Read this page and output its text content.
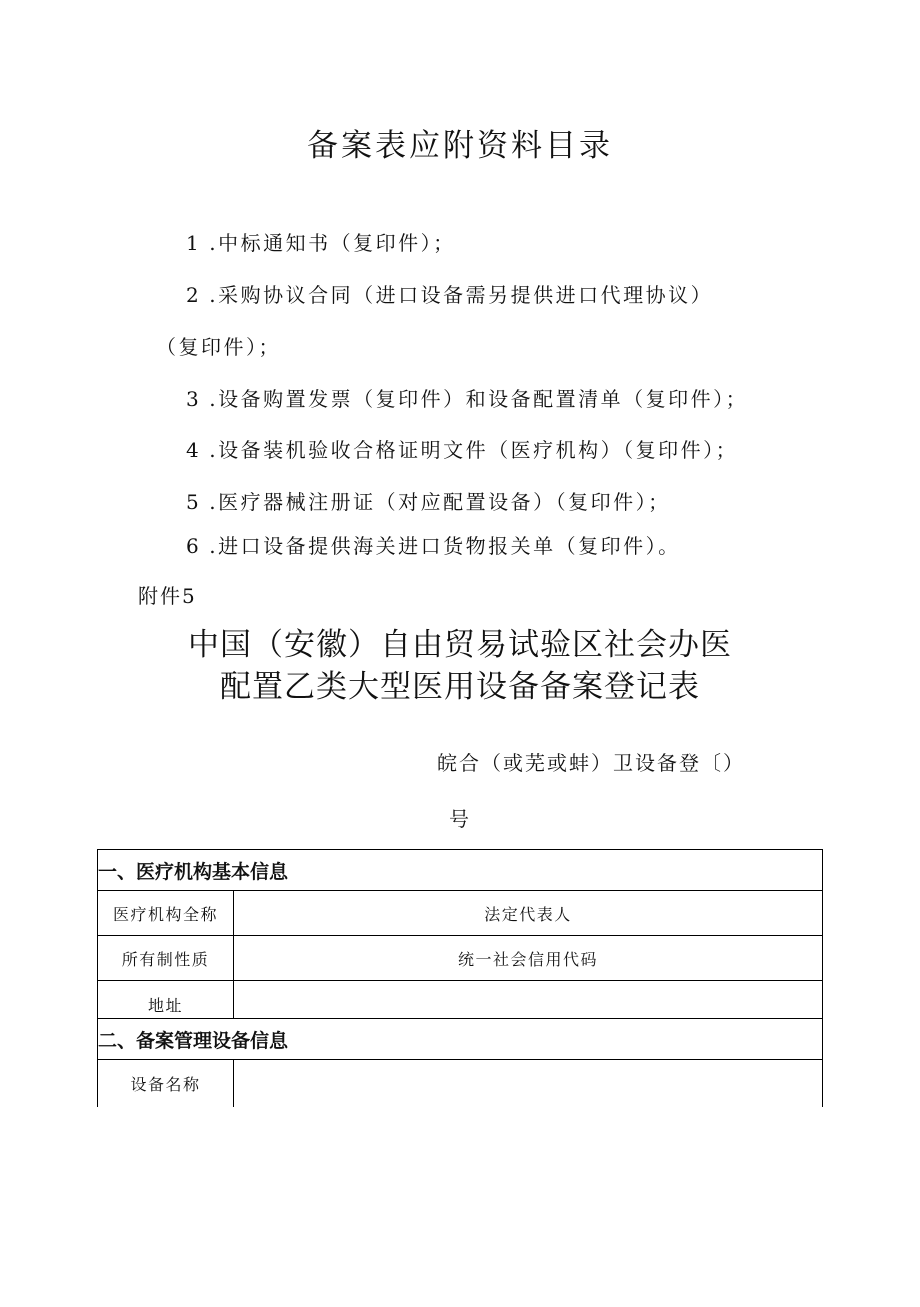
备案表应附资料目录
1 .中标通知书（复印件）；
2 .采购协议合同（进口设备需另提供进口代理协议）
（复印件）；
3 .设备购置发票（复印件）和设备配置清单（复印件）；
4 .设备装机验收合格证明文件（医疗机构）（复印件）；
5 .医疗器械注册证（对应配置设备）（复印件）；
6 .进口设备提供海关进口货物报关单（复印件）。
附件5
中国（安徽）自由贸易试验区社会办医
配置乙类大型医用设备备案登记表
皖合（或芜或蚌）卫设备登〔）
号
一、医疗机构基本信息	
医疗机构全称	法定代表人
所有制性质	统一社会信用代码
地址	
二、备案管理设备信息	
设备名称	
